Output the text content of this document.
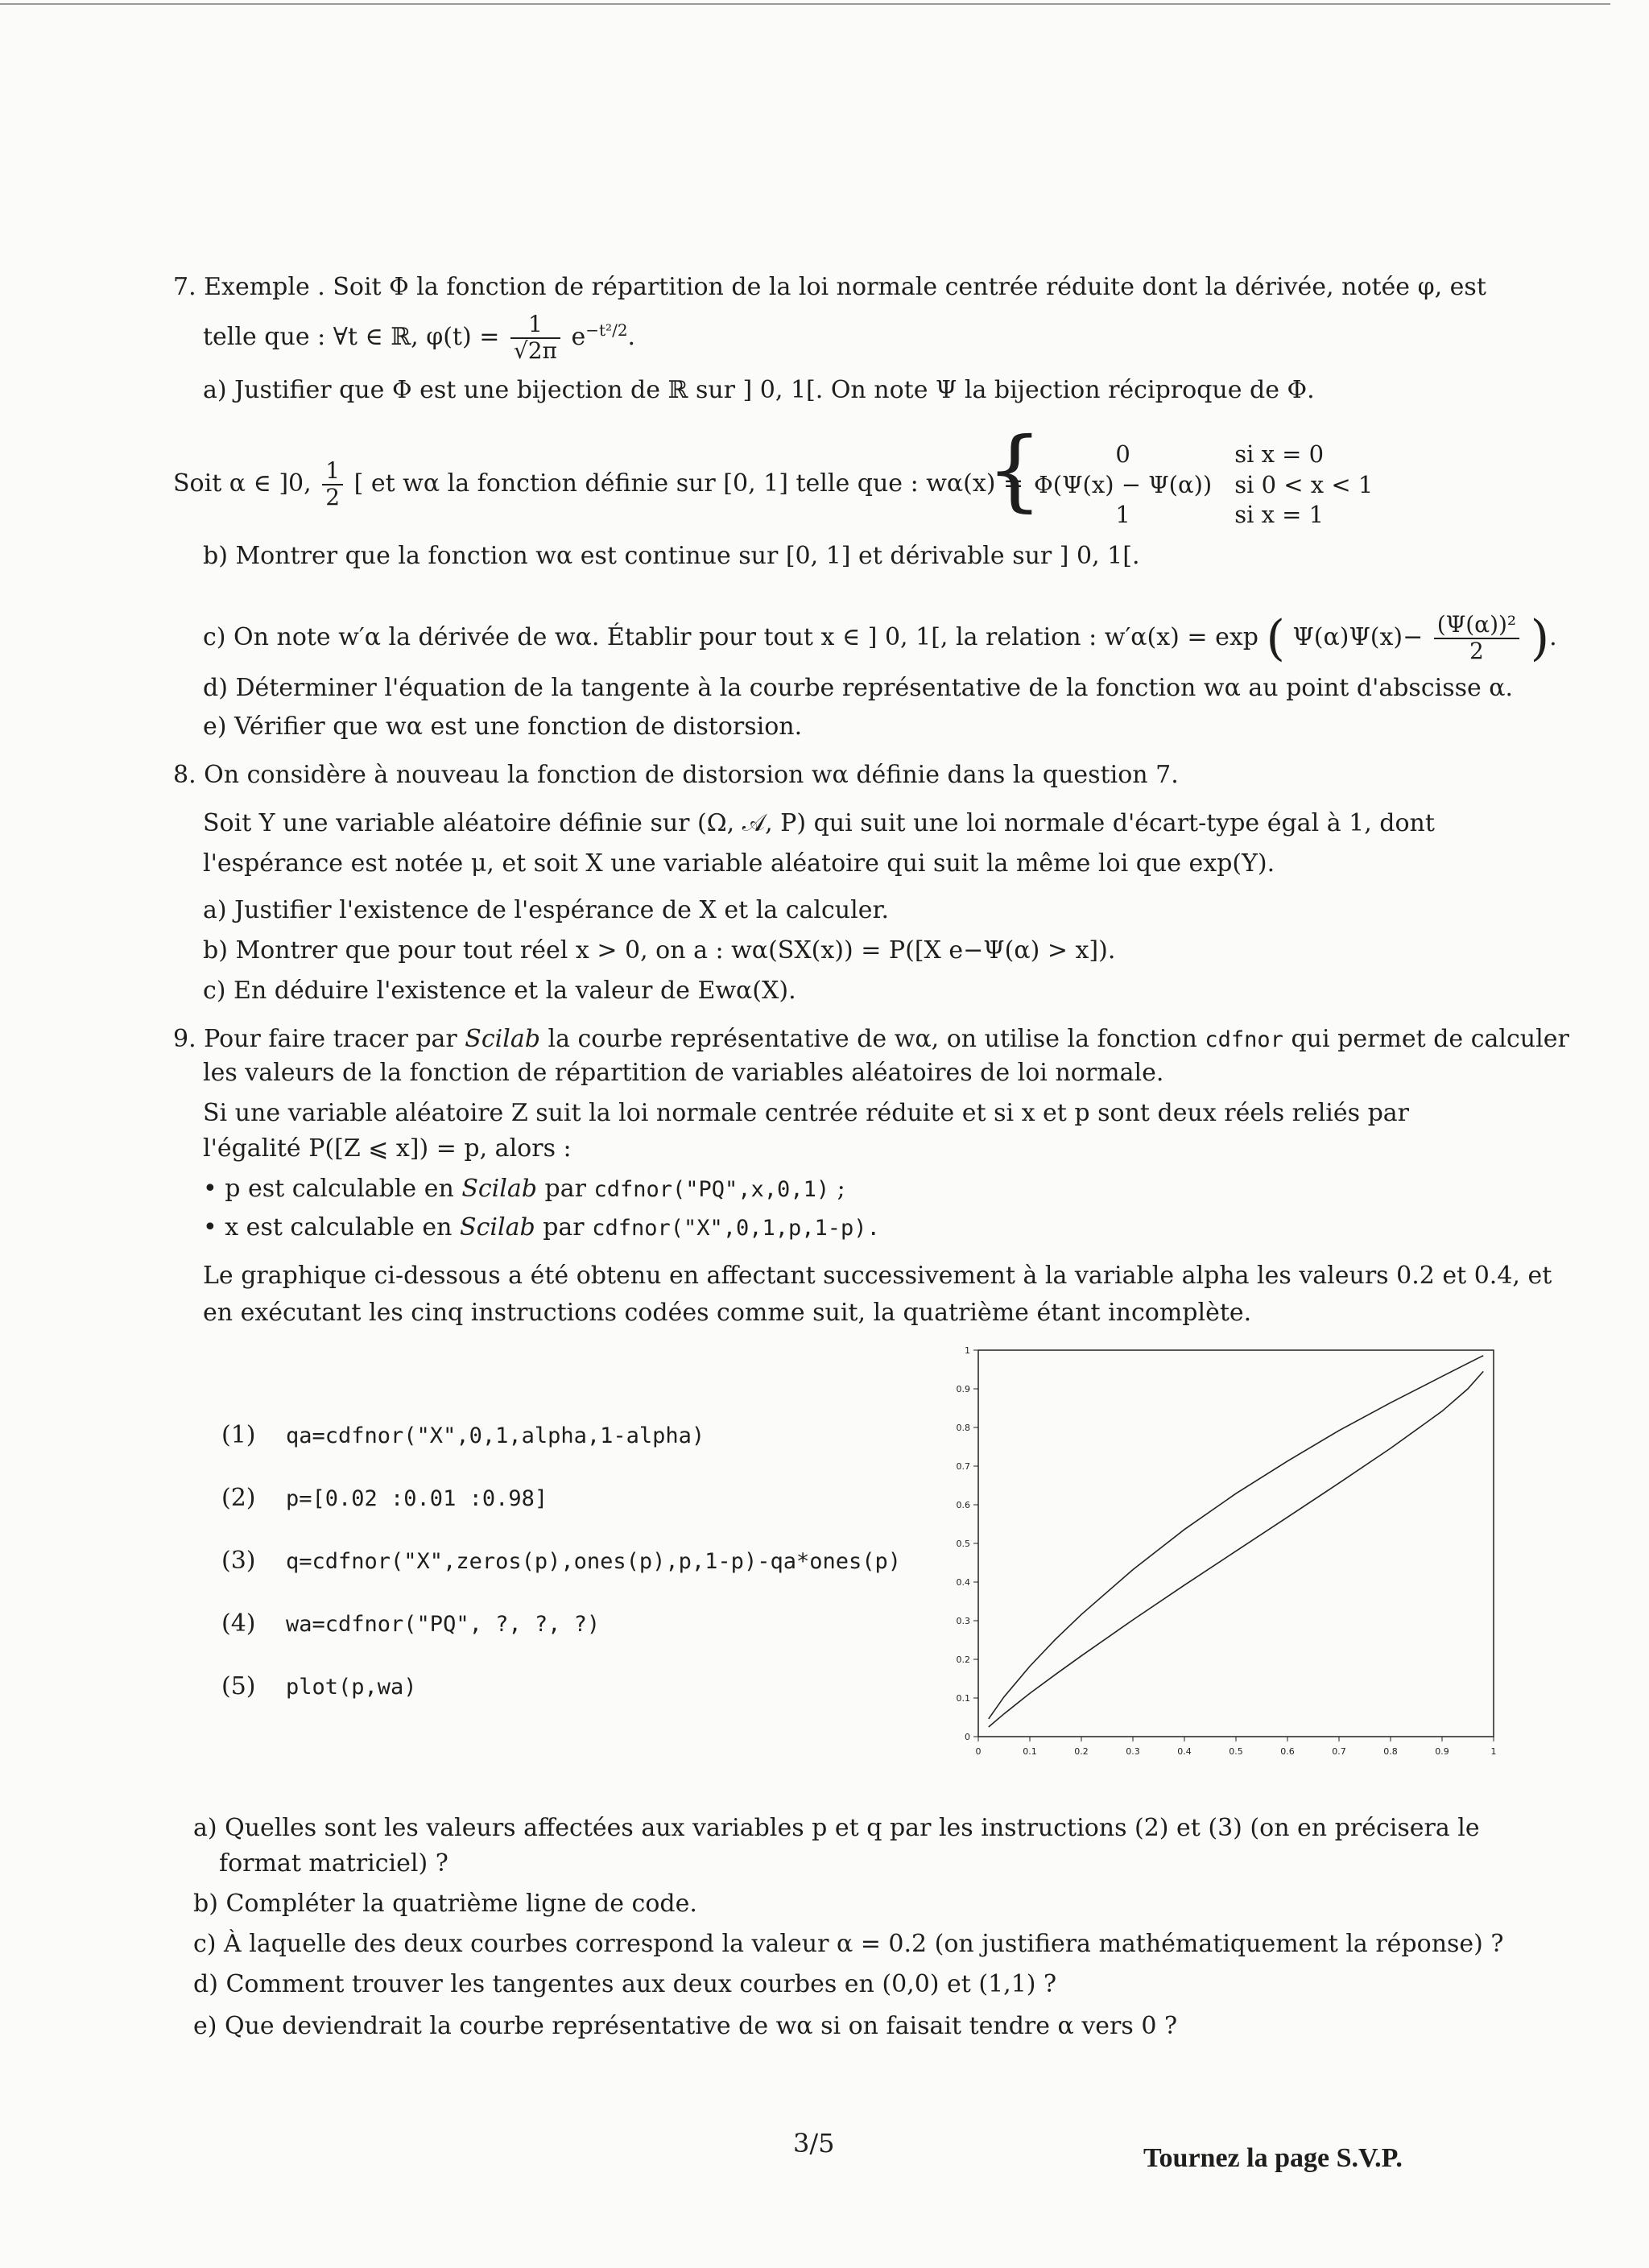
7. Exemple . Soit Φ la fonction de répartition de la loi normale centrée réduite dont la dérivée, notée φ, est
telle que : ∀t ∈ ℝ, $\varphi(t) = \frac{1}{√2\pi} e^{-t^2/2}$.
a) Justifier que Φ est une bijection de ℝ sur ] 0, 1[. On note Ψ la bijection réciproque de Φ.
Soit α ∈ ]0, $\frac{1}{2}$ [ et wα la fonction définie sur [0, 1] telle que : wα(x) =
{	0	si x = 0
Φ(Ψ(x) − Ψ(α))	si 0 < x < 1
1	si x = 1
b) Montrer que la fonction wα est continue sur [0, 1] et dérivable sur ] 0, 1[.
c) On note w′α la dérivée de wα. Établir pour tout x ∈ ] 0, 1[, la relation : w′α(x) = exp ( $\Psi(\alpha)\Psi(x)- \frac{\text{(Ψ(α))²}}{2}$ ).
d) Déterminer l'équation de la tangente à la courbe représentative de la fonction wα au point d'abscisse α.
e) Vérifier que wα est une fonction de distorsion.
8. On considère à nouveau la fonction de distorsion wα définie dans la question 7.
Soit Y une variable aléatoire définie sur (Ω, 𝒜, P) qui suit une loi normale d'écart-type égal à 1, dont
l'espérance est notée μ, et soit X une variable aléatoire qui suit la même loi que exp(Y).
a) Justifier l'existence de l'espérance de X et la calculer.
b) Montrer que pour tout réel x > 0, on a : wα(SX(x)) = P([X e−Ψ(α) > x]).
c) En déduire l'existence et la valeur de Ewα(X).
9. Pour faire tracer par Scilab la courbe représentative de wα, on utilise la fonction cdfnor qui permet de calculer
les valeurs de la fonction de répartition de variables aléatoires de loi normale.
Si une variable aléatoire Z suit la loi normale centrée réduite et si x et p sont deux réels reliés par
l'égalité P([Z ⩽ x]) = p, alors :
• p est calculable en Scilab par cdfnor("PQ",x,0,1) ;
• x est calculable en Scilab par cdfnor("X",0,1,p,1-p).
Le graphique ci-dessous a été obtenu en affectant successivement à la variable alpha les valeurs 0.2 et 0.4, et
en exécutant les cinq instructions codées comme suit, la quatrième étant incomplète.
(1) qa=cdfnor("X",0,1,alpha,1-alpha)
(2) p=[0.02 :0.01 :0.98]
(3) q=cdfnor("X",zeros(p),ones(p),p,1-p)-qa*ones(p)
(4) wa=cdfnor("PQ", ?, ?, ?)
(5) plot(p,wa)
0	0.1	0.2	0.3	0.4	0.5	0.6	0.7	0.8	0.9	1
0
0.1
0.2
0.3
0.4
0.5
0.6
0.7
0.8
0.9
1
a) Quelles sont les valeurs affectées aux variables p et q par les instructions (2) et (3) (on en précisera le
format matriciel) ?
b) Compléter la quatrième ligne de code.
c) À laquelle des deux courbes correspond la valeur α = 0.2 (on justifiera mathématiquement la réponse) ?
d) Comment trouver les tangentes aux deux courbes en (0,0) et (1,1) ?
e) Que deviendrait la courbe représentative de wα si on faisait tendre α vers 0 ?
3/5	Tournez la page S.V.P.
